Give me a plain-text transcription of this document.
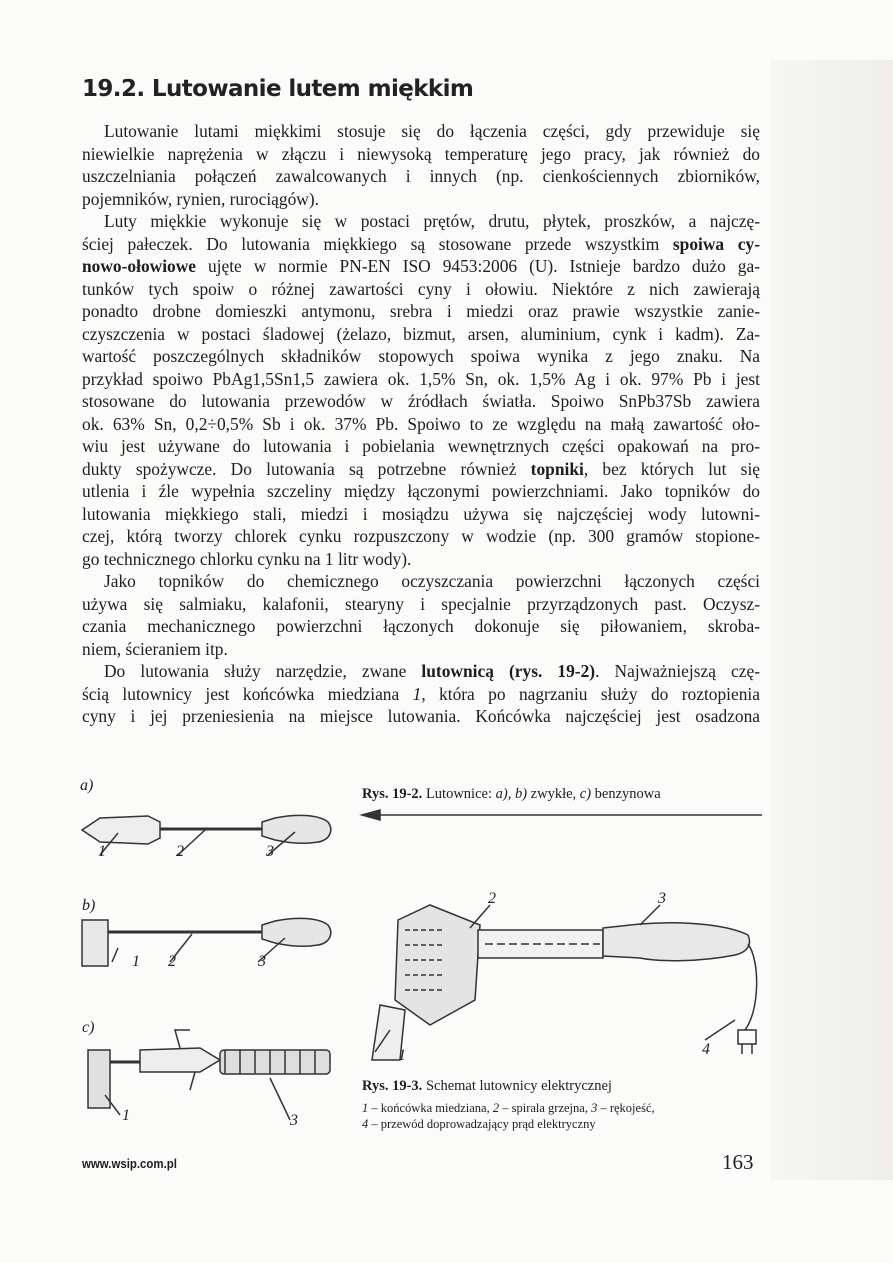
19.2. Lutowanie lutem miękkim
Lutowanie lutami miękkimi stosuje się do łączenia części, gdy przewiduje się
niewielkie naprężenia w złączu i niewysoką temperaturę jego pracy, jak również do
uszczelniania połączeń zawalcowanych i innych (np. cienkościennych zbiorników,
pojemników, rynien, rurociągów).
Luty miękkie wykonuje się w postaci prętów, drutu, płytek, proszków, a najczę-
ściej pałeczek. Do lutowania miękkiego są stosowane przede wszystkim spoiwa cy-
nowo-ołowiowe ujęte w normie PN-EN ISO 9453:2006 (U). Istnieje bardzo dużo ga-
tunków tych spoiw o różnej zawartości cyny i ołowiu. Niektóre z nich zawierają
ponadto drobne domieszki antymonu, srebra i miedzi oraz prawie wszystkie zanie-
czyszczenia w postaci śladowej (żelazo, bizmut, arsen, aluminium, cynk i kadm). Za-
wartość poszczególnych składników stopowych spoiwa wynika z jego znaku. Na
przykład spoiwo PbAg1,5Sn1,5 zawiera ok. 1,5% Sn, ok. 1,5% Ag i ok. 97% Pb i jest
stosowane do lutowania przewodów w źródłach światła. Spoiwo SnPb37Sb zawiera
ok. 63% Sn, 0,2÷0,5% Sb i ok. 37% Pb. Spoiwo to ze względu na małą zawartość oło-
wiu jest używane do lutowania i pobielania wewnętrznych części opakowań na pro-
dukty spożywcze. Do lutowania są potrzebne również topniki, bez których lut się
utlenia i źle wypełnia szczeliny między łączonymi powierzchniami. Jako topników do
lutowania miękkiego stali, miedzi i mosiądzu używa się najczęściej wody lutowni-
czej, którą tworzy chlorek cynku rozpuszczony w wodzie (np. 300 gramów stopione-
go technicznego chlorku cynku na 1 litr wody).
Jako topników do chemicznego oczyszczania powierzchni łączonych części
używa się salmiaku, kalafonii, stearyny i specjalnie przyrządzonych past. Oczysz-
czania mechanicznego powierzchni łączonych dokonuje się piłowaniem, skroba-
niem, ścieraniem itp.
Do lutowania służy narzędzie, zwane lutownicą (rys. 19-2). Najważniejszą czę-
ścią lutownicy jest końcówka miedziana 1, która po nagrzaniu służy do roztopienia
cyny i jej przeniesienia na miejsce lutowania. Końcówka najczęściej jest osadzona
Rys. 19-2. Lutownice: a), b) zwykłe, c) benzynowa
a)
1	2	3
b)
1 2	3
c)
1	3
2	3
1	4
Rys. 19-3. Schemat lutownicy elektrycznej
1 – końcówka miedziana, 2 – spirala grzejna, 3 – rękojeść,
4 – przewód doprowadzający prąd elektryczny
www.wsip.com.pl	163
